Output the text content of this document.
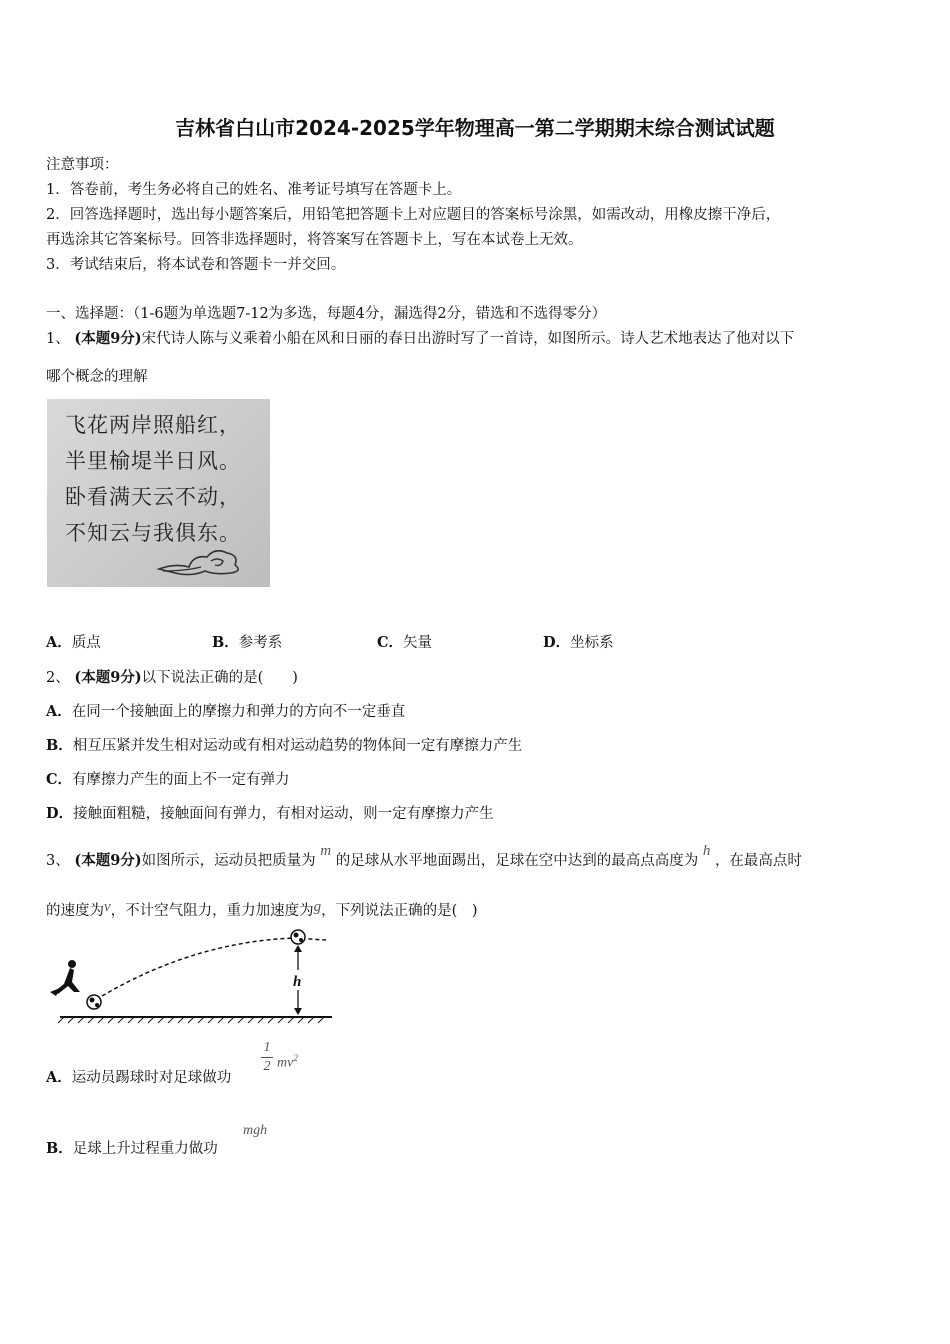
吉林省白山市2024-2025学年物理高一第二学期期末综合测试试题
注意事项：
1．答卷前，考生务必将自己的姓名、准考证号填写在答题卡上。
2．回答选择题时，选出每小题答案后，用铅笔把答题卡上对应题目的答案标号涂黑，如需改动，用橡皮擦干净后，
再选涂其它答案标号。回答非选择题时，将答案写在答题卡上，写在本试卷上无效。
3．考试结束后，将本试卷和答题卡一并交回。
一、选择题：（1-6题为单选题7-12为多选，每题4分，漏选得2分，错选和不选得零分）
1、 (本题9分)宋代诗人陈与义乘着小船在风和日丽的春日出游时写了一首诗，如图所示。诗人艺术地表达了他对以下
哪个概念的理解
飞花两岸照船红，
半里榆堤半日风。
卧看满天云不动，
不知云与我俱东。
A．质点	B．参考系	C．矢量	D．坐标系
2、 (本题9分)以下说法正确的是(　　)
A．在同一个接触面上的摩擦力和弹力的方向不一定垂直
B．相互压紧并发生相对运动或有相对运动趋势的物体间一定有摩擦力产生
C．有摩擦力产生的面上不一定有弹力
D．接触面粗糙，接触面间有弹力，有相对运动，则一定有摩擦力产生
3、 (本题9分)如图所示，运动员把质量为 m 的足球从水平地面踢出，足球在空中达到的最高点高度为 h ，在最高点时
的速度为v，不计空气阻力，重力加速度为g，下列说法正确的是(　)
h
A．运动员踢球时对足球做功
1
2 $mv^2$
B．足球上升过程重力做功
mgh
